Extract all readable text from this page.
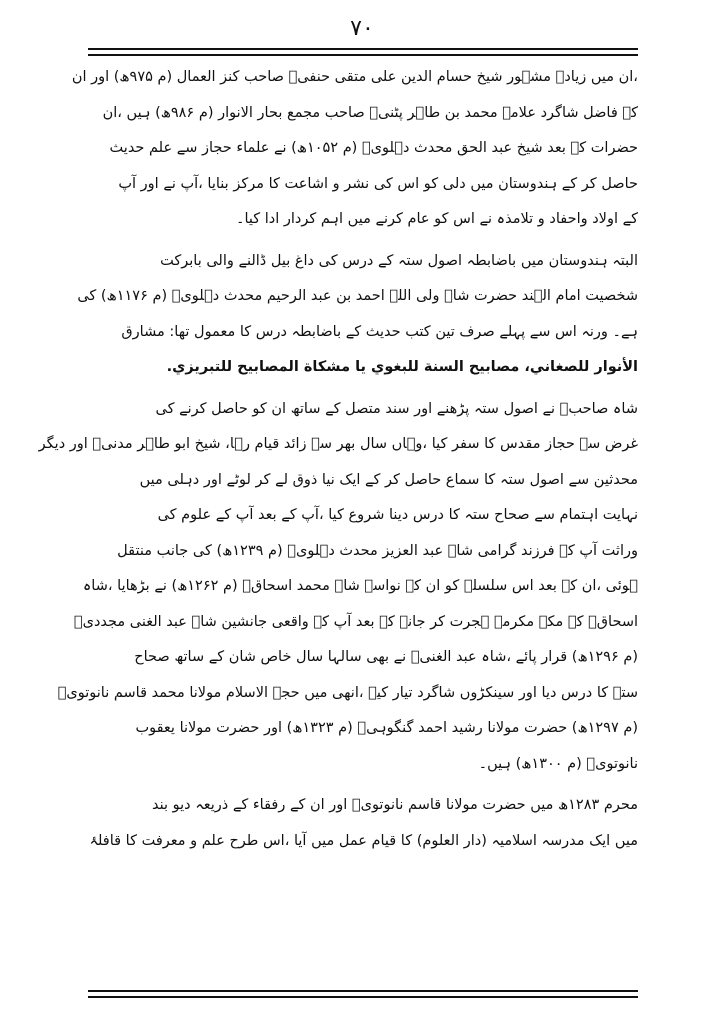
۷۰

،ان میں زیادہ مشہور شیخ حسام الدین علی متقی حنفیؒ صاحب کنز العمال (م ۹۷۵ھ) اور ان
کے فاضل شاگرد علامہ محمد بن طاہر پٹنیؒ صاحب مجمع بحار الانوار (م ۹۸۶ھ) ہیں ،ان
حضرات کے بعد شیخ عبد الحق محدث دہلویؒ (م ۱۰۵۲ھ) نے علماء حجاز سے علم حدیث
حاصل کر کے ہندوستان میں دلی کو اس کی نشر و اشاعت کا مرکز بنایا ،آپ نے اور آپ
کے اولاد واحفاد و تلامذہ نے اس کو عام کرنے میں اہم کردار ادا کیا۔

البتہ ہندوستان میں باضابطہ اصول ستہ کے درس کی داغ بیل ڈالنے والی بابرکت
شخصیت امام الہند حضرت شاہ ولی اللہ احمد بن عبد الرحیم محدث دہلویؒ (م ۱۱۷۶ھ) کی
ہے۔ ورنہ اس سے پہلے صرف تین کتب حدیث کے باضابطہ درس کا معمول تھا: مشارق
الأنوار للصغاني، مصابيح السنة للبغوي يا مشكاة المصابيح للتبريزي.

شاہ صاحبؒ نے اصول ستہ پڑھنے اور سند متصل کے ساتھ ان کو حاصل کرنے کی
غرض سے حجاز مقدس کا سفر کیا ،وہاں سال بھر سے زائد قیام رہا، شیخ ابو طاہر مدنیؒ اور دیگر
محدثین سے اصول ستہ کا سماع حاصل کر کے ایک نیا ذوق لے کر لوٹے اور دہلی میں
نہایت اہتمام سے صحاح ستہ کا درس دینا شروع کیا ،آپ کے بعد آپ کے علوم کی
وراثت آپ کے فرزند گرامی شاہ عبد العزیز محدث دہلویؒ (م ۱۲۳۹ھ) کی جانب منتقل
ہوئی ،ان کے بعد اس سلسلے کو ان کے نواسے شاہ محمد اسحاقؒ (م ۱۲۶۲ھ) نے بڑھایا ،شاہ
اسحاقؒ کے مکہ مکرمہ ہجرت کر جانے کے بعد آپ کے واقعی جانشین شاہ عبد الغنی مجددیؒ
(م ۱۲۹۶ھ) قرار پائے ،شاہ عبد الغنیؒ نے بھی سالہا سال خاص شان کے ساتھ صحاح
ستہ کا درس دیا اور سینکڑوں شاگرد تیار کیے ،انھی میں حجۃ الاسلام مولانا محمد قاسم نانوتویؒ
(م ۱۲۹۷ھ) حضرت مولانا رشید احمد گنگوہیؒ (م ۱۳۲۳ھ) اور حضرت مولانا یعقوب
نانوتویؒ (م ۱۳۰۰ھ) ہیں۔

محرم ۱۲۸۳ھ میں حضرت مولانا قاسم نانوتویؒ اور ان کے رفقاء کے ذریعہ دیو بند
میں ایک مدرسہ اسلامیہ (دار العلوم) کا قیام عمل میں آیا ،اس طرح علم و معرفت کا قافلۂ
